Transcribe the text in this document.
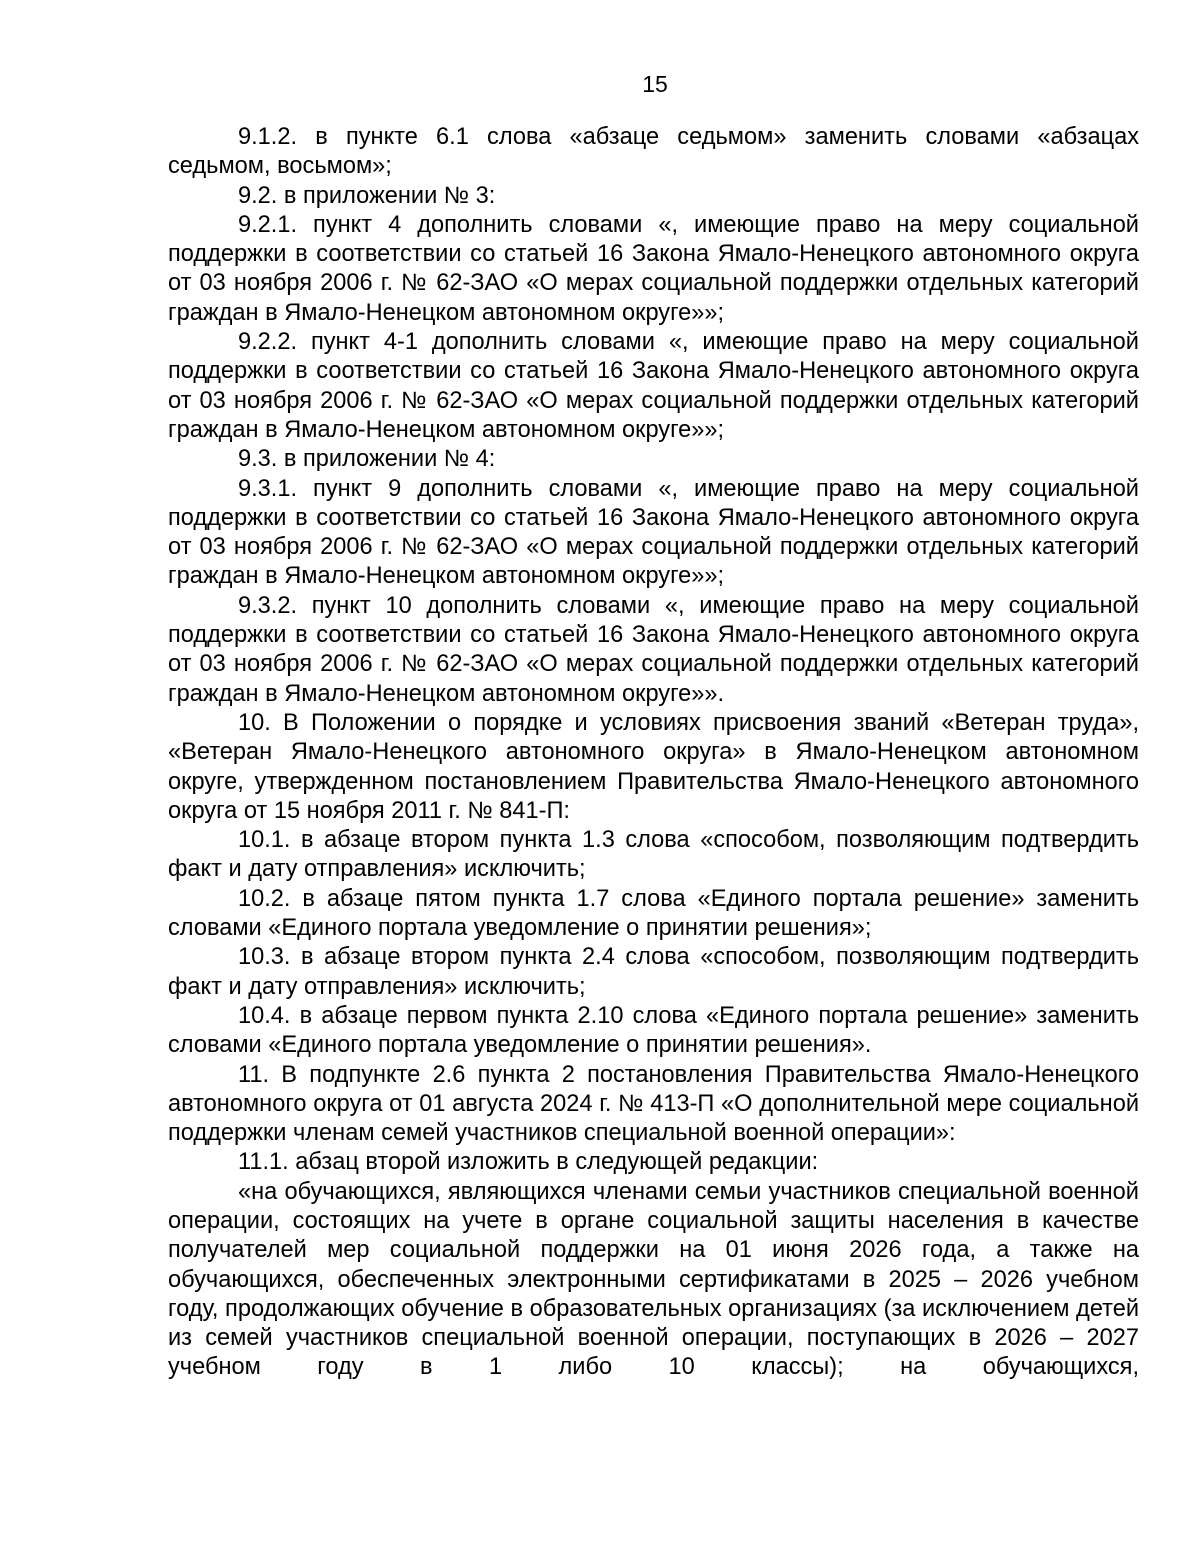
15

9.1.2. в пункте 6.1 слова «абзаце седьмом» заменить словами «абзацах седьмом, восьмом»;

9.2. в приложении № 3:

9.2.1. пункт 4 дополнить словами «, имеющие право на меру социальной поддержки в соответствии со статьей 16 Закона Ямало-Ненецкого автономного округа от 03 ноября 2006 г. № 62-ЗАО «О мерах социальной поддержки отдельных категорий граждан в Ямало-Ненецком автономном округе»»;

9.2.2. пункт 4-1 дополнить словами «, имеющие право на меру социальной поддержки в соответствии со статьей 16 Закона Ямало-Ненецкого автономного округа от 03 ноября 2006 г. № 62-ЗАО «О мерах социальной поддержки отдельных категорий граждан в Ямало-Ненецком автономном округе»»;

9.3. в приложении № 4:

9.3.1. пункт 9 дополнить словами «, имеющие право на меру социальной поддержки в соответствии со статьей 16 Закона Ямало-Ненецкого автономного округа от 03 ноября 2006 г. № 62-ЗАО «О мерах социальной поддержки отдельных категорий граждан в Ямало-Ненецком автономном округе»»;

9.3.2. пункт 10 дополнить словами «, имеющие право на меру социальной поддержки в соответствии со статьей 16 Закона Ямало-Ненецкого автономного округа от 03 ноября 2006 г. № 62-ЗАО «О мерах социальной поддержки отдельных категорий граждан в Ямало-Ненецком автономном округе»».

10. В Положении о порядке и условиях присвоения званий «Ветеран труда», «Ветеран Ямало-Ненецкого автономного округа» в Ямало-Ненецком автономном округе, утвержденном постановлением Правительства Ямало-Ненецкого автономного округа от 15 ноября 2011 г. № 841-П:

10.1. в абзаце втором пункта 1.3 слова «способом, позволяющим подтвердить факт и дату отправления» исключить;

10.2. в абзаце пятом пункта 1.7 слова «Единого портала решение» заменить словами «Единого портала уведомление о принятии решения»;

10.3. в абзаце втором пункта 2.4 слова «способом, позволяющим подтвердить факт и дату отправления» исключить;

10.4. в абзаце первом пункта 2.10 слова «Единого портала решение» заменить словами «Единого портала уведомление о принятии решения».

11. В подпункте 2.6 пункта 2 постановления Правительства Ямало-Ненецкого автономного округа от 01 августа 2024 г. № 413-П «О дополнительной мере социальной поддержки членам семей участников специальной военной операции»:

11.1. абзац второй изложить в следующей редакции:

«на обучающихся, являющихся членами семьи участников специальной военной операции, состоящих на учете в органе социальной защиты населения в качестве получателей мер социальной поддержки на 01 июня 2026 года, а также на обучающихся, обеспеченных электронными сертификатами в 2025 – 2026 учебном году, продолжающих обучение в образовательных организациях (за исключением детей из семей участников специальной военной операции, поступающих в 2026 – 2027 учебном году в 1 либо 10 классы); на обучающихся,
